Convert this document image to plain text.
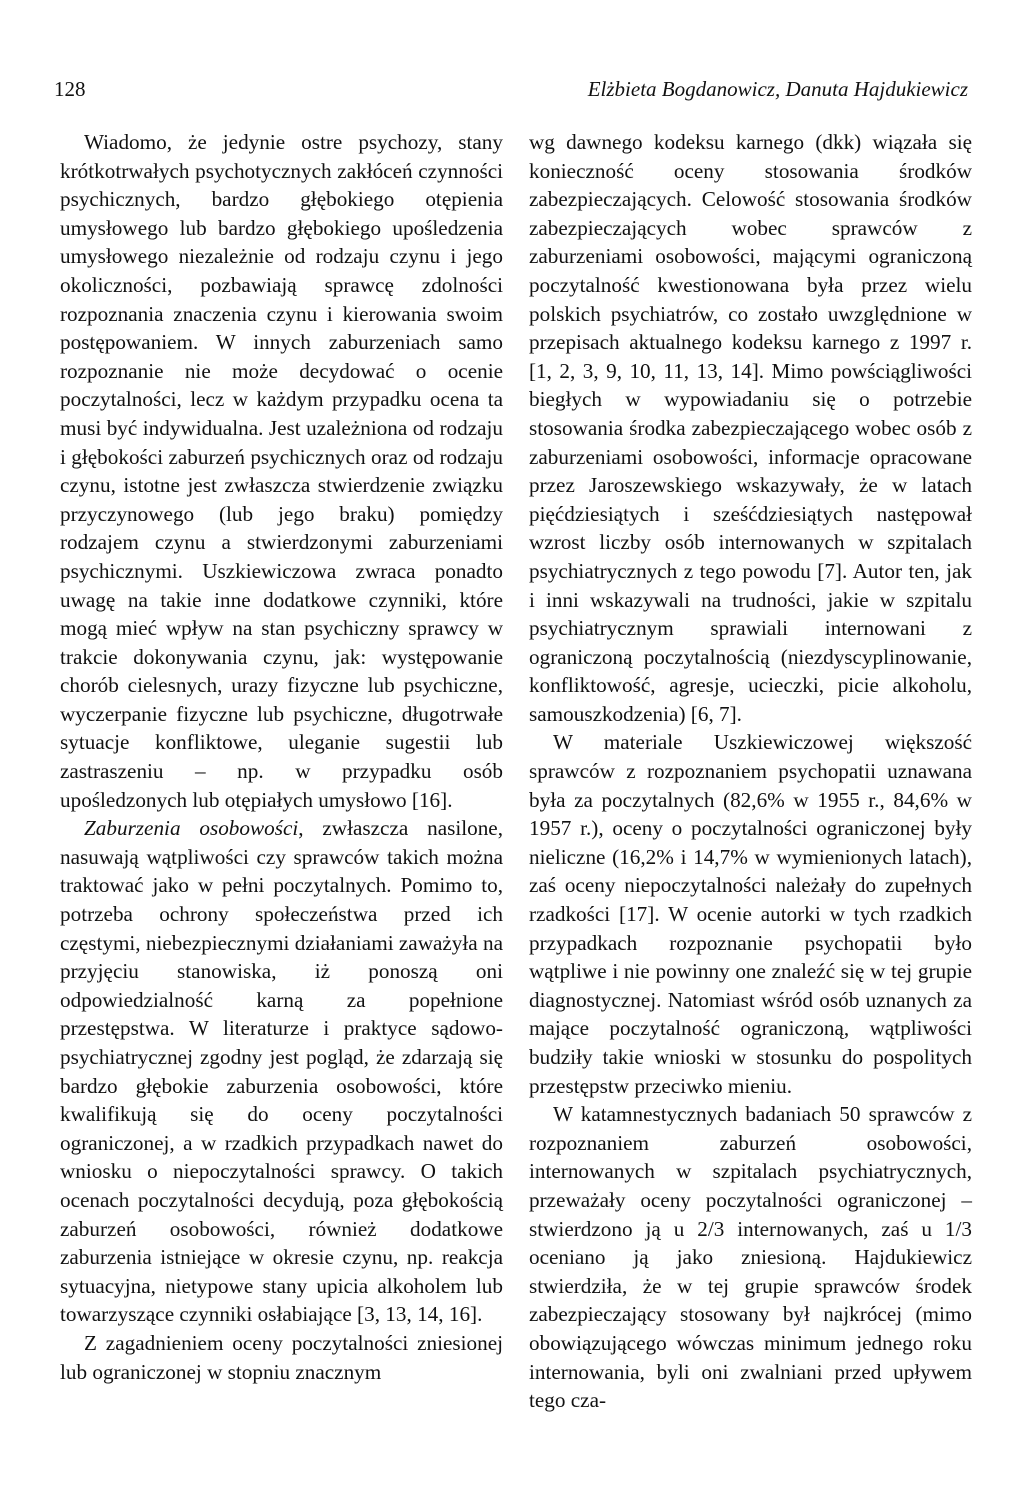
128	Elżbieta Bogdanowicz, Danuta Hajdukiewicz

Wiadomo, że jedynie ostre psychozy, stany krótkotrwałych psychotycznych zakłóceń czynności psychicznych, bardzo głębokiego otępienia umysłowego lub bardzo głębokiego upośledzenia umysłowego niezależnie od rodzaju czynu i jego okoliczności, pozbawiają sprawcę zdolności rozpoznania znaczenia czynu i kierowania swoim postępowaniem. W innych zaburzeniach samo rozpoznanie nie może decydować o ocenie poczytalności, lecz w każdym przypadku ocena ta musi być indywidualna. Jest uzależniona od rodzaju i głębokości zaburzeń psychicznych oraz od rodzaju czynu, istotne jest zwłaszcza stwierdzenie związku przyczynowego (lub jego braku) pomiędzy rodzajem czynu a stwierdzonymi zaburzeniami psychicznymi. Uszkiewiczowa zwraca ponadto uwagę na takie inne dodatkowe czynniki, które mogą mieć wpływ na stan psychiczny sprawcy w trakcie dokonywania czynu, jak: występowanie chorób cielesnych, urazy fizyczne lub psychiczne, wyczerpanie fizyczne lub psychiczne, długotrwałe sytuacje konfliktowe, uleganie sugestii lub zastraszeniu – np. w przypadku osób upośledzonych lub otępiałych umysłowo [16].

Zaburzenia osobowości, zwłaszcza nasilone, nasuwają wątpliwości czy sprawców takich można traktować jako w pełni poczytalnych. Pomimo to, potrzeba ochrony społeczeństwa przed ich częstymi, niebezpiecznymi działaniami zaważyła na przyjęciu stanowiska, iż ponoszą oni odpowiedzialność karną za popełnione przestępstwa. W literaturze i praktyce sądowo-psychiatrycznej zgodny jest pogląd, że zdarzają się bardzo głębokie zaburzenia osobowości, które kwalifikują się do oceny poczytalności ograniczonej, a w rzadkich przypadkach nawet do wniosku o niepoczytalności sprawcy. O takich ocenach poczytalności decydują, poza głębokością zaburzeń osobowości, również dodatkowe zaburzenia istniejące w okresie czynu, np. reakcja sytuacyjna, nietypowe stany upicia alkoholem lub towarzyszące czynniki osłabiające [3, 13, 14, 16].

Z zagadnieniem oceny poczytalności zniesionej lub ograniczonej w stopniu znacznym

wg dawnego kodeksu karnego (dkk) wiązała się konieczność oceny stosowania środków zabezpieczających. Celowość stosowania środków zabezpieczających wobec sprawców z zaburzeniami osobowości, mającymi ograniczoną poczytalność kwestionowana była przez wielu polskich psychiatrów, co zostało uwzględnione w przepisach aktualnego kodeksu karnego z 1997 r. [1, 2, 3, 9, 10, 11, 13, 14]. Mimo powściągliwości biegłych w wypowiadaniu się o potrzebie stosowania środka zabezpieczającego wobec osób z zaburzeniami osobowości, informacje opracowane przez Jaroszewskiego wskazywały, że w latach pięćdziesiątych i sześćdziesiątych następował wzrost liczby osób internowanych w szpitalach psychiatrycznych z tego powodu [7]. Autor ten, jak i inni wskazywali na trudności, jakie w szpitalu psychiatrycznym sprawiali internowani z ograniczoną poczytalnością (niezdyscyplinowanie, konfliktowość, agresje, ucieczki, picie alkoholu, samouszkodzenia) [6, 7].

W materiale Uszkiewiczowej większość sprawców z rozpoznaniem psychopatii uznawana była za poczytalnych (82,6% w 1955 r., 84,6% w 1957 r.), oceny o poczytalności ograniczonej były nieliczne (16,2% i 14,7% w wymienionych latach), zaś oceny niepoczytalności należały do zupełnych rzadkości [17]. W ocenie autorki w tych rzadkich przypadkach rozpoznanie psychopatii było wątpliwe i nie powinny one znaleźć się w tej grupie diagnostycznej. Natomiast wśród osób uznanych za mające poczytalność ograniczoną, wątpliwości budziły takie wnioski w stosunku do pospolitych przestępstw przeciwko mieniu.

W katamnestycznych badaniach 50 sprawców z rozpoznaniem zaburzeń osobowości, internowanych w szpitalach psychiatrycznych, przeważały oceny poczytalności ograniczonej – stwierdzono ją u 2/3 internowanych, zaś u 1/3 oceniano ją jako zniesioną. Hajdukiewicz stwierdziła, że w tej grupie sprawców środek zabezpieczający stosowany był najkrócej (mimo obowiązującego wówczas minimum jednego roku internowania, byli oni zwalniani przed upływem tego cza-
